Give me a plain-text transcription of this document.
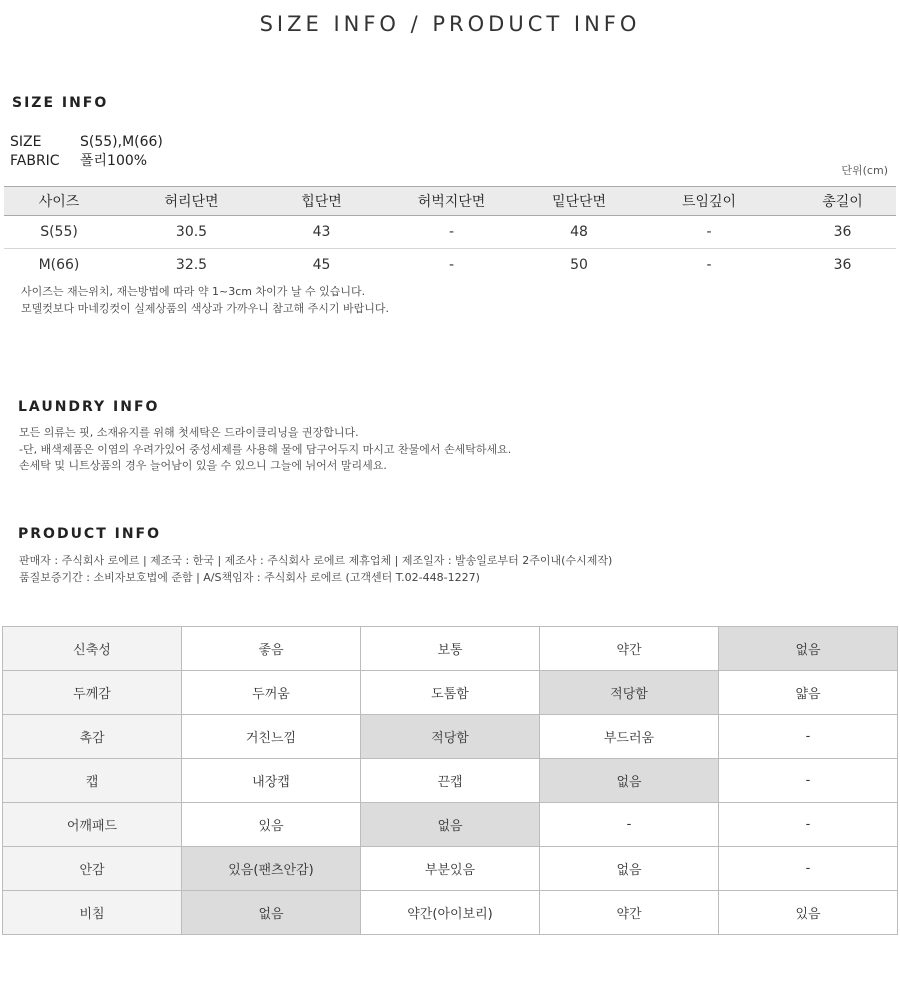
SIZE INFO / PRODUCT INFO
SIZE INFO
SIZE	S(55),M(66)
FABRIC 폴리100%
단위(cm)
사이즈	허리단면	힙단면	허벅지단면	밑단단면	트임깊이	총길이
S(55)	30.5	43	-	48	-	36
M(66)	32.5	45	-	50	-	36
사이즈는 재는위치, 재는방법에 따라 약 1~3cm 차이가 날 수 있습니다.
모델컷보다 마네킹컷이 실제상품의 색상과 가까우니 참고해 주시기 바랍니다.
LAUNDRY INFO
모든 의류는 핏, 소재유지를 위해 첫세탁은 드라이클리닝을 권장합니다.
-단, 배색제품은 이염의 우려가있어 중성세제를 사용해 물에 담구어두지 마시고 찬물에서 손세탁하세요.
손세탁 및 니트상품의 경우 늘어남이 있을 수 있으니 그늘에 뉘어서 말리세요.
PRODUCT INFO
판매자 : 주식회사 로에르 | 제조국 : 한국 | 제조사 : 주식회사 로에르 제휴업체 | 제조일자 : 발송일로부터 2주이내(수시제작)
품질보증기간 : 소비자보호법에 준함 | A/S책임자 : 주식회사 로에르 (고객센터 T.02-448-1227)
신축성	좋음	보통	약간	없음
두께감	두꺼움	도톰함	적당함	얇음
촉감	거친느낌	적당함	부드러움	-
캡	내장캡	끈캡	없음	-
어깨패드	있음	없음	-	-
안감	있음(팬츠안감)	부분있음	없음	-
비침	없음	약간(아이보리)	약간	있음
